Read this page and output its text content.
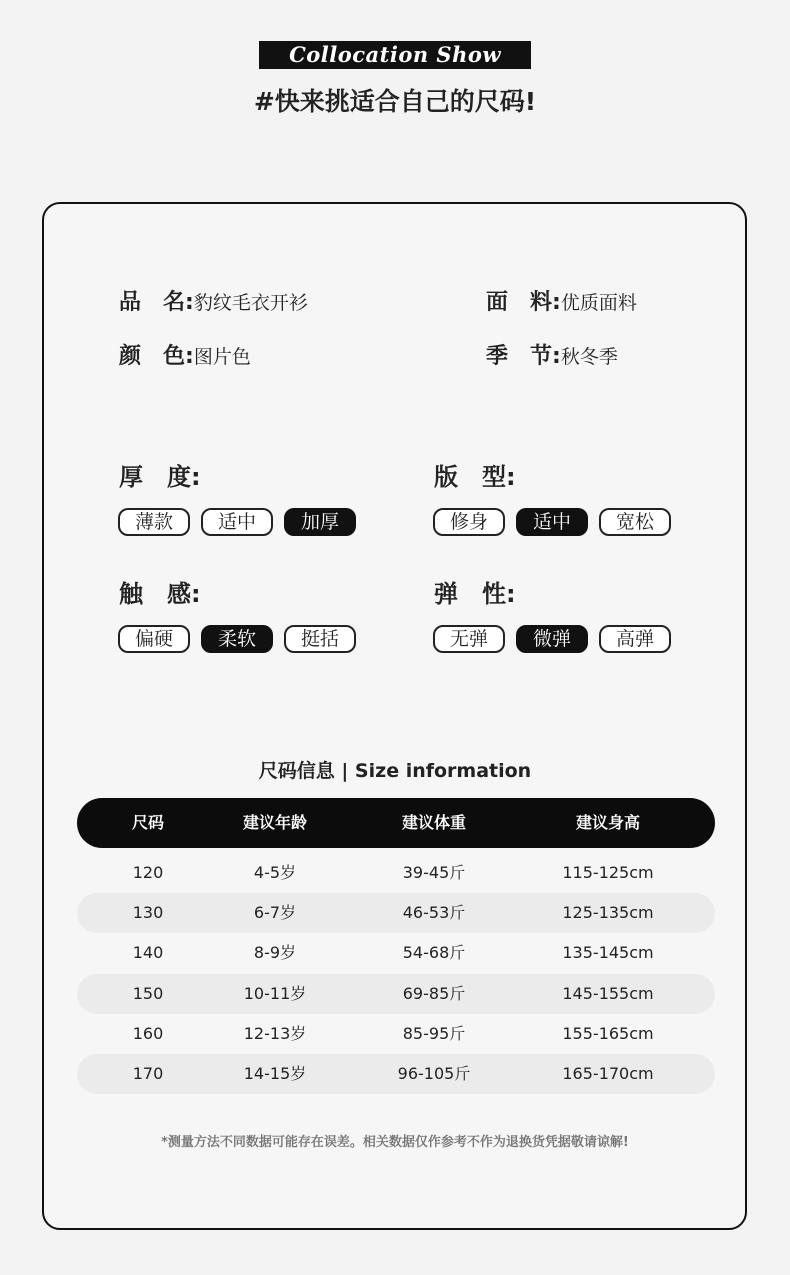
Collocation Show
#快来挑适合自己的尺码!
品　名:豹纹毛衣开衫	面　料:优质面料
颜　色:图片色	季　节:秋冬季
厚　度:
薄款	适中	加厚
版　型:
修身	适中	宽松
触　感:
偏硬	柔软	挺括
弹　性:
无弹	微弹	高弹
尺码信息 | Size information
尺码	建议年龄	建议体重	建议身高
120	4-5岁	39-45斤	115-125cm
130	6-7岁	46-53斤	125-135cm
140	8-9岁	54-68斤	135-145cm
150	10-11岁	69-85斤	145-155cm
160	12-13岁	85-95斤	155-165cm
170	14-15岁	96-105斤	165-170cm
*测量方法不同数据可能存在误差。相关数据仅作参考不作为退换货凭据敬请谅解!
